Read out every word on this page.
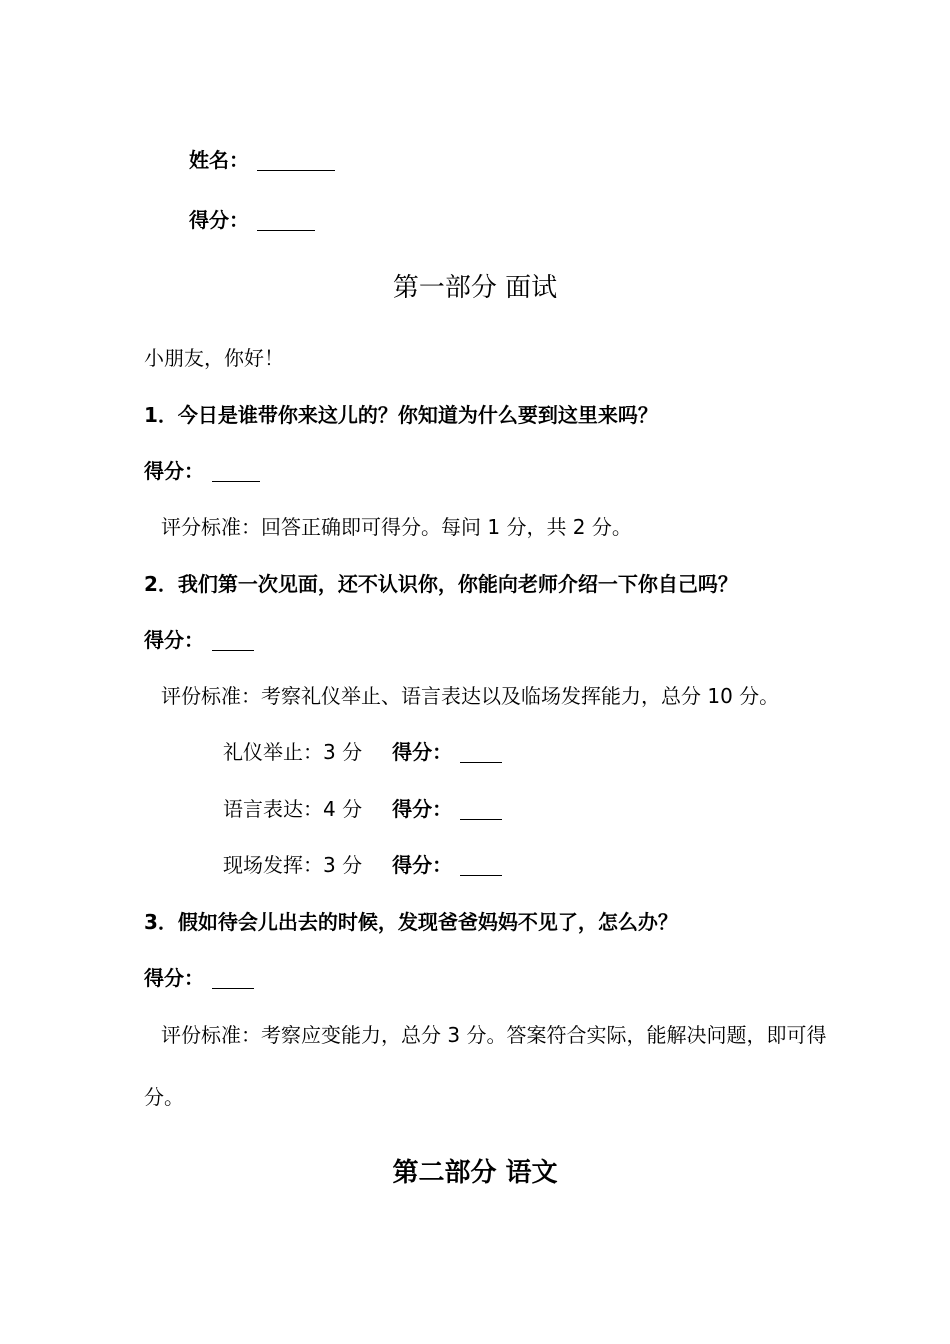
姓名：
得分：
第一部分 面试
小朋友，你好！
1．今日是谁带你来这儿的？你知道为什么要到这里来吗？
得分：
评分标准：回答正确即可得分。每问 1 分，共 2 分。
2．我们第一次见面，还不认识你，你能向老师介绍一下你自己吗？
得分：
评份标准：考察礼仪举止、语言表达以及临场发挥能力，总分 10 分。
礼仪举止：3 分 得分：
语言表达：4 分 得分：
现场发挥：3 分 得分：
3．假如待会儿出去的时候，发现爸爸妈妈不见了，怎么办？
得分：
评份标准：考察应变能力，总分 3 分。答案符合实际，能解决问题，即可得
分。
第二部分 语文
